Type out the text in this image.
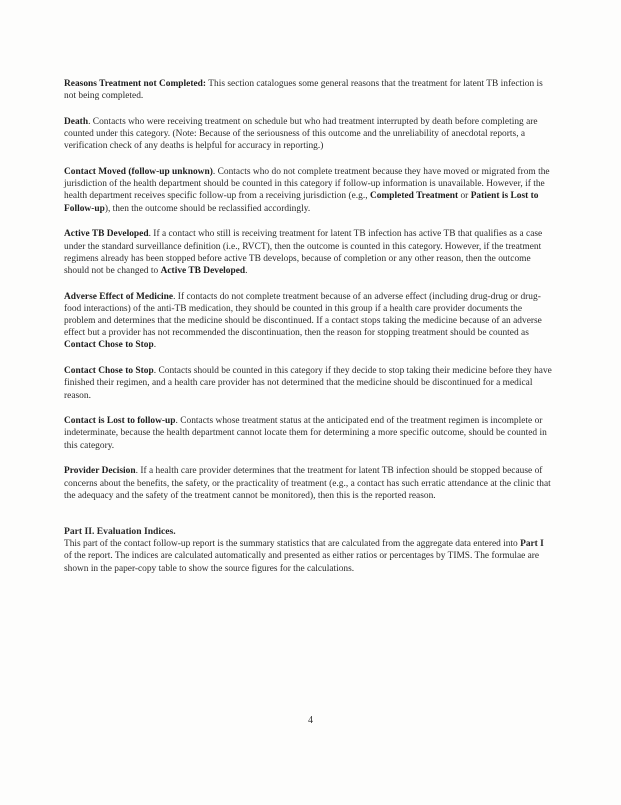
Reasons Treatment not Completed: This section catalogues some general reasons that the treatment for latent TB infection is not being completed.

Death. Contacts who were receiving treatment on schedule but who had treatment interrupted by death before completing are counted under this category. (Note: Because of the seriousness of this outcome and the unreliability of anecdotal reports, a verification check of any deaths is helpful for accuracy in reporting.)

Contact Moved (follow-up unknown). Contacts who do not complete treatment because they have moved or migrated from the jurisdiction of the health department should be counted in this category if follow-up information is unavailable. However, if the health department receives specific follow-up from a receiving jurisdiction (e.g., Completed Treatment or Patient is Lost to Follow-up), then the outcome should be reclassified accordingly.

Active TB Developed. If a contact who still is receiving treatment for latent TB infection has active TB that qualifies as a case under the standard surveillance definition (i.e., RVCT), then the outcome is counted in this category. However, if the treatment regimens already has been stopped before active TB develops, because of completion or any other reason, then the outcome should not be changed to Active TB Developed.

Adverse Effect of Medicine. If contacts do not complete treatment because of an adverse effect (including drug-drug or drug-food interactions) of the anti-TB medication, they should be counted in this group if a health care provider documents the problem and determines that the medicine should be discontinued. If a contact stops taking the medicine because of an adverse effect but a provider has not recommended the discontinuation, then the reason for stopping treatment should be counted as Contact Chose to Stop.

Contact Chose to Stop. Contacts should be counted in this category if they decide to stop taking their medicine before they have finished their regimen, and a health care provider has not determined that the medicine should be discontinued for a medical reason.

Contact is Lost to follow-up. Contacts whose treatment status at the anticipated end of the treatment regimen is incomplete or indeterminate, because the health department cannot locate them for determining a more specific outcome, should be counted in this category.

Provider Decision. If a health care provider determines that the treatment for latent TB infection should be stopped because of concerns about the benefits, the safety, or the practicality of treatment (e.g., a contact has such erratic attendance at the clinic that the adequacy and the safety of the treatment cannot be monitored), then this is the reported reason.

Part II. Evaluation Indices.

This part of the contact follow-up report is the summary statistics that are calculated from the aggregate data entered into Part I of the report. The indices are calculated automatically and presented as either ratios or percentages by TIMS. The formulae are shown in the paper-copy table to show the source figures for the calculations.

4
